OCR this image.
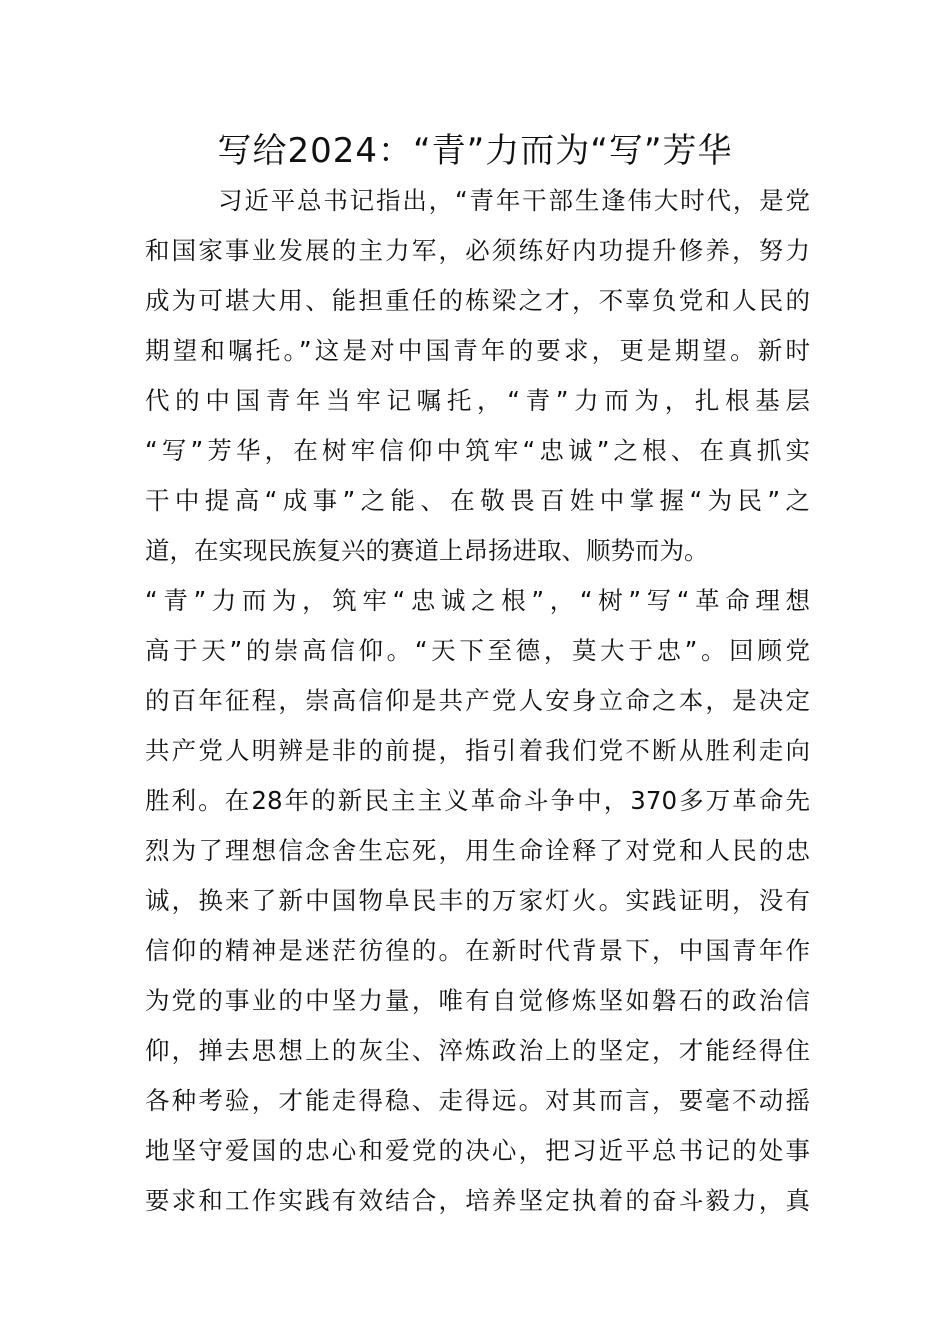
写给2024：“青”力而为“写”芳华
习近平总书记指出，“青年干部生逢伟大时代，是党
和国家事业发展的主力军，必须练好内功提升修养，努力
成为可堪大用、能担重任的栋梁之才，不辜负党和人民的
期望和嘱托。”这是对中国青年的要求，更是期望。新时
代的中国青年当牢记嘱托，“青”力而为，扎根基层
“写”芳华，在树牢信仰中筑牢“忠诚”之根、在真抓实
干中提高“成事”之能、在敬畏百姓中掌握“为民”之
道，在实现民族复兴的赛道上昂扬进取、顺势而为。
“青”力而为，筑牢“忠诚之根”，“树”写“革命理想
高于天”的崇高信仰。“天下至德，莫大于忠”。回顾党
的百年征程，崇高信仰是共产党人安身立命之本，是决定
共产党人明辨是非的前提，指引着我们党不断从胜利走向
胜利。在28年的新民主主义革命斗争中，370多万革命先
烈为了理想信念舍生忘死，用生命诠释了对党和人民的忠
诚，换来了新中国物阜民丰的万家灯火。实践证明，没有
信仰的精神是迷茫彷徨的。在新时代背景下，中国青年作
为党的事业的中坚力量，唯有自觉修炼坚如磐石的政治信
仰，掸去思想上的灰尘、淬炼政治上的坚定，才能经得住
各种考验，才能走得稳、走得远。对其而言，要毫不动摇
地坚守爱国的忠心和爱党的决心，把习近平总书记的处事
要求和工作实践有效结合，培养坚定执着的奋斗毅力，真
